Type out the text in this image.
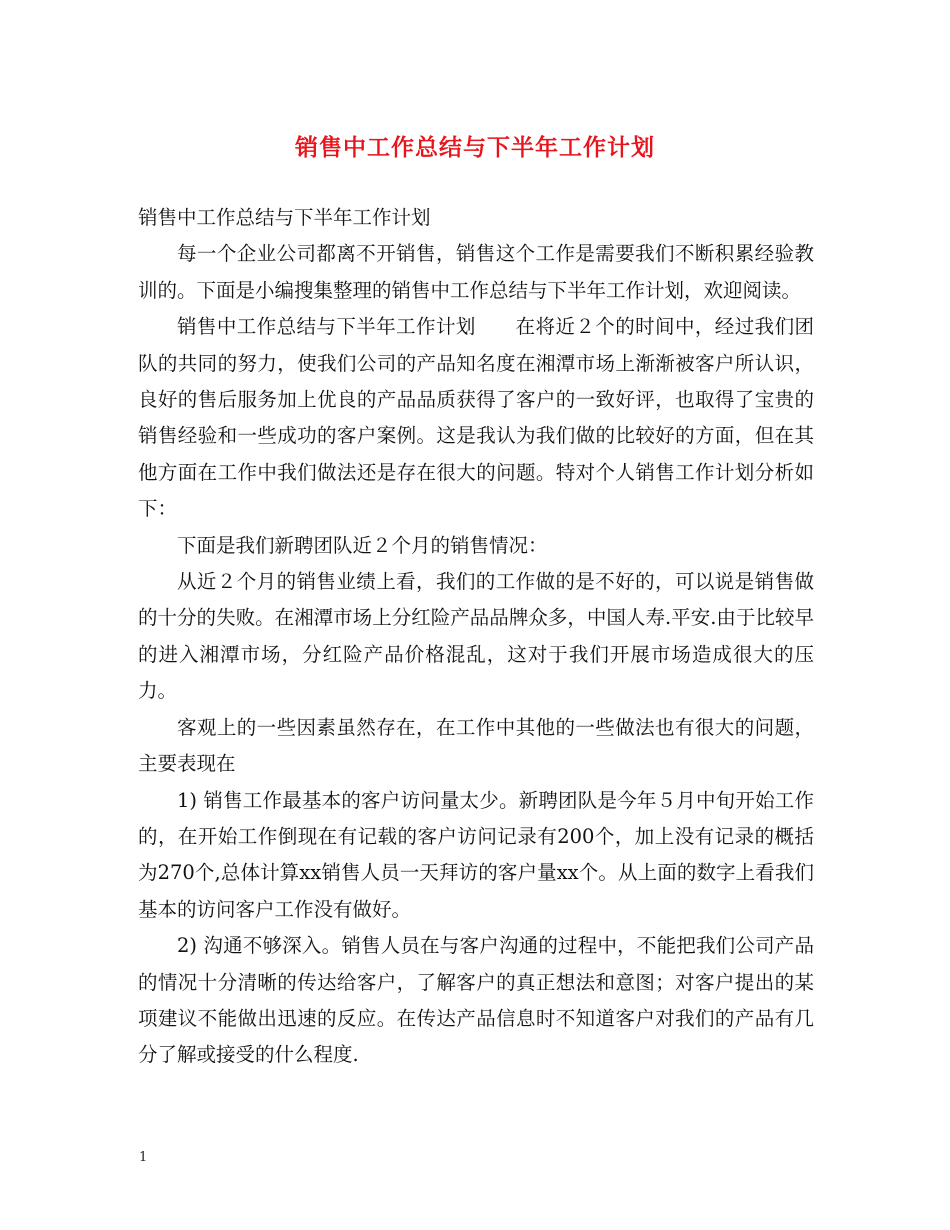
销售中工作总结与下半年工作计划

销售中工作总结与下半年工作计划

每一个企业公司都离不开销售，销售这个工作是需要我们不断积累经验教训的。下面是小编搜集整理的销售中工作总结与下半年工作计划，欢迎阅读。

销售中工作总结与下半年工作计划　　在将近２个的时间中，经过我们团队的共同的努力，使我们公司的产品知名度在湘潭市场上渐渐被客户所认识，良好的售后服务加上优良的产品品质获得了客户的一致好评，也取得了宝贵的销售经验和一些成功的客户案例。这是我认为我们做的比较好的方面，但在其他方面在工作中我们做法还是存在很大的问题。特对个人销售工作计划分析如下：

下面是我们新聘团队近２个月的销售情况：

从近２个月的销售业绩上看，我们的工作做的是不好的，可以说是销售做的十分的失败。在湘潭市场上分红险产品品牌众多，中国人寿.平安.由于比较早的进入湘潭市场，分红险产品价格混乱，这对于我们开展市场造成很大的压力。

客观上的一些因素虽然存在，在工作中其他的一些做法也有很大的问题，主要表现在

1) 销售工作最基本的客户访问量太少。新聘团队是今年５月中旬开始工作的，在开始工作倒现在有记载的客户访问记录有200个，加上没有记录的概括为270个,总体计算xx销售人员一天拜访的客户量xx个。从上面的数字上看我们基本的访问客户工作没有做好。

2) 沟通不够深入。销售人员在与客户沟通的过程中，不能把我们公司产品的情况十分清晰的传达给客户，了解客户的真正想法和意图；对客户提出的某项建议不能做出迅速的反应。在传达产品信息时不知道客户对我们的产品有几分了解或接受的什么程度.

1
